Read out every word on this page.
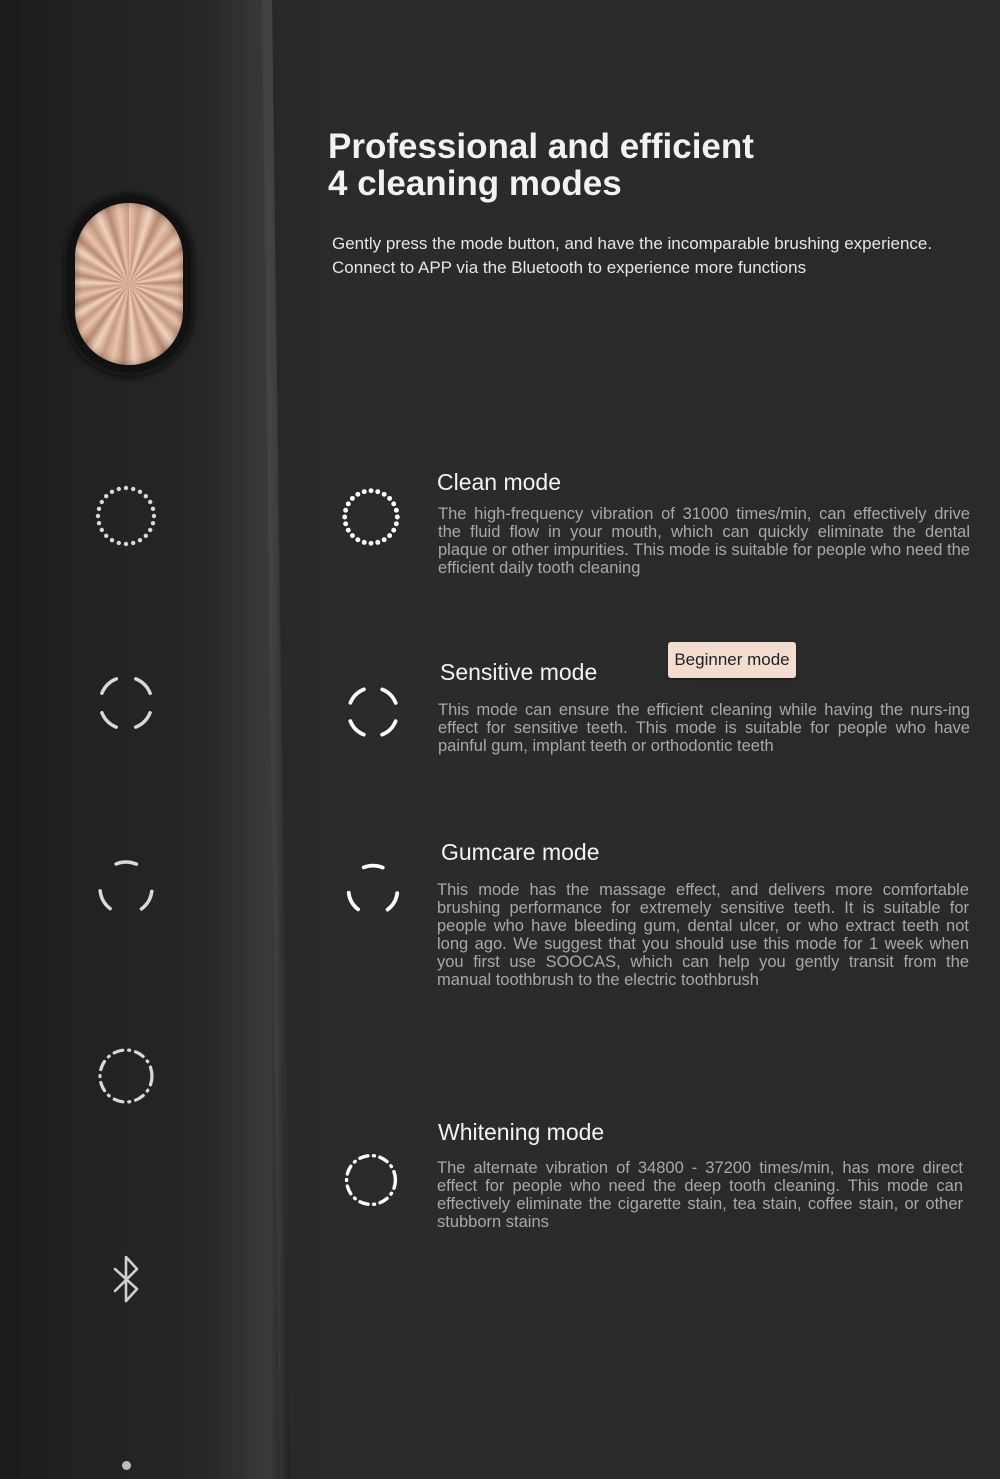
Professional and efficient
4 cleaning modes

Gently press the mode button, and have the incomparable brushing experience.
Connect to APP via the Bluetooth to experience more functions

Clean mode

The high-frequency vibration of 31000 times/min, can effectively drive the fluid flow in your mouth, which can quickly eliminate the dental plaque or other impurities. This mode is suitable for people who need the efficient daily tooth cleaning

Beginner mode
Sensitive mode

This mode can ensure the efficient cleaning while having the nurs-ing effect for sensitive teeth. This mode is suitable for people who have painful gum, implant teeth or orthodontic teeth

Gumcare mode

This mode has the massage effect, and delivers more comfortable brushing performance for extremely sensitive teeth. It is suitable for people who have bleeding gum, dental ulcer, or who extract teeth not long ago. We suggest that you should use this mode for 1 week when you first use SOOCAS, which can help you gently transit from the manual toothbrush to the electric toothbrush

Whitening mode

The alternate vibration of 34800 - 37200 times/min, has more direct effect for people who need the deep tooth cleaning. This mode can effectively eliminate the cigarette stain, tea stain, coffee stain, or other stubborn stains
